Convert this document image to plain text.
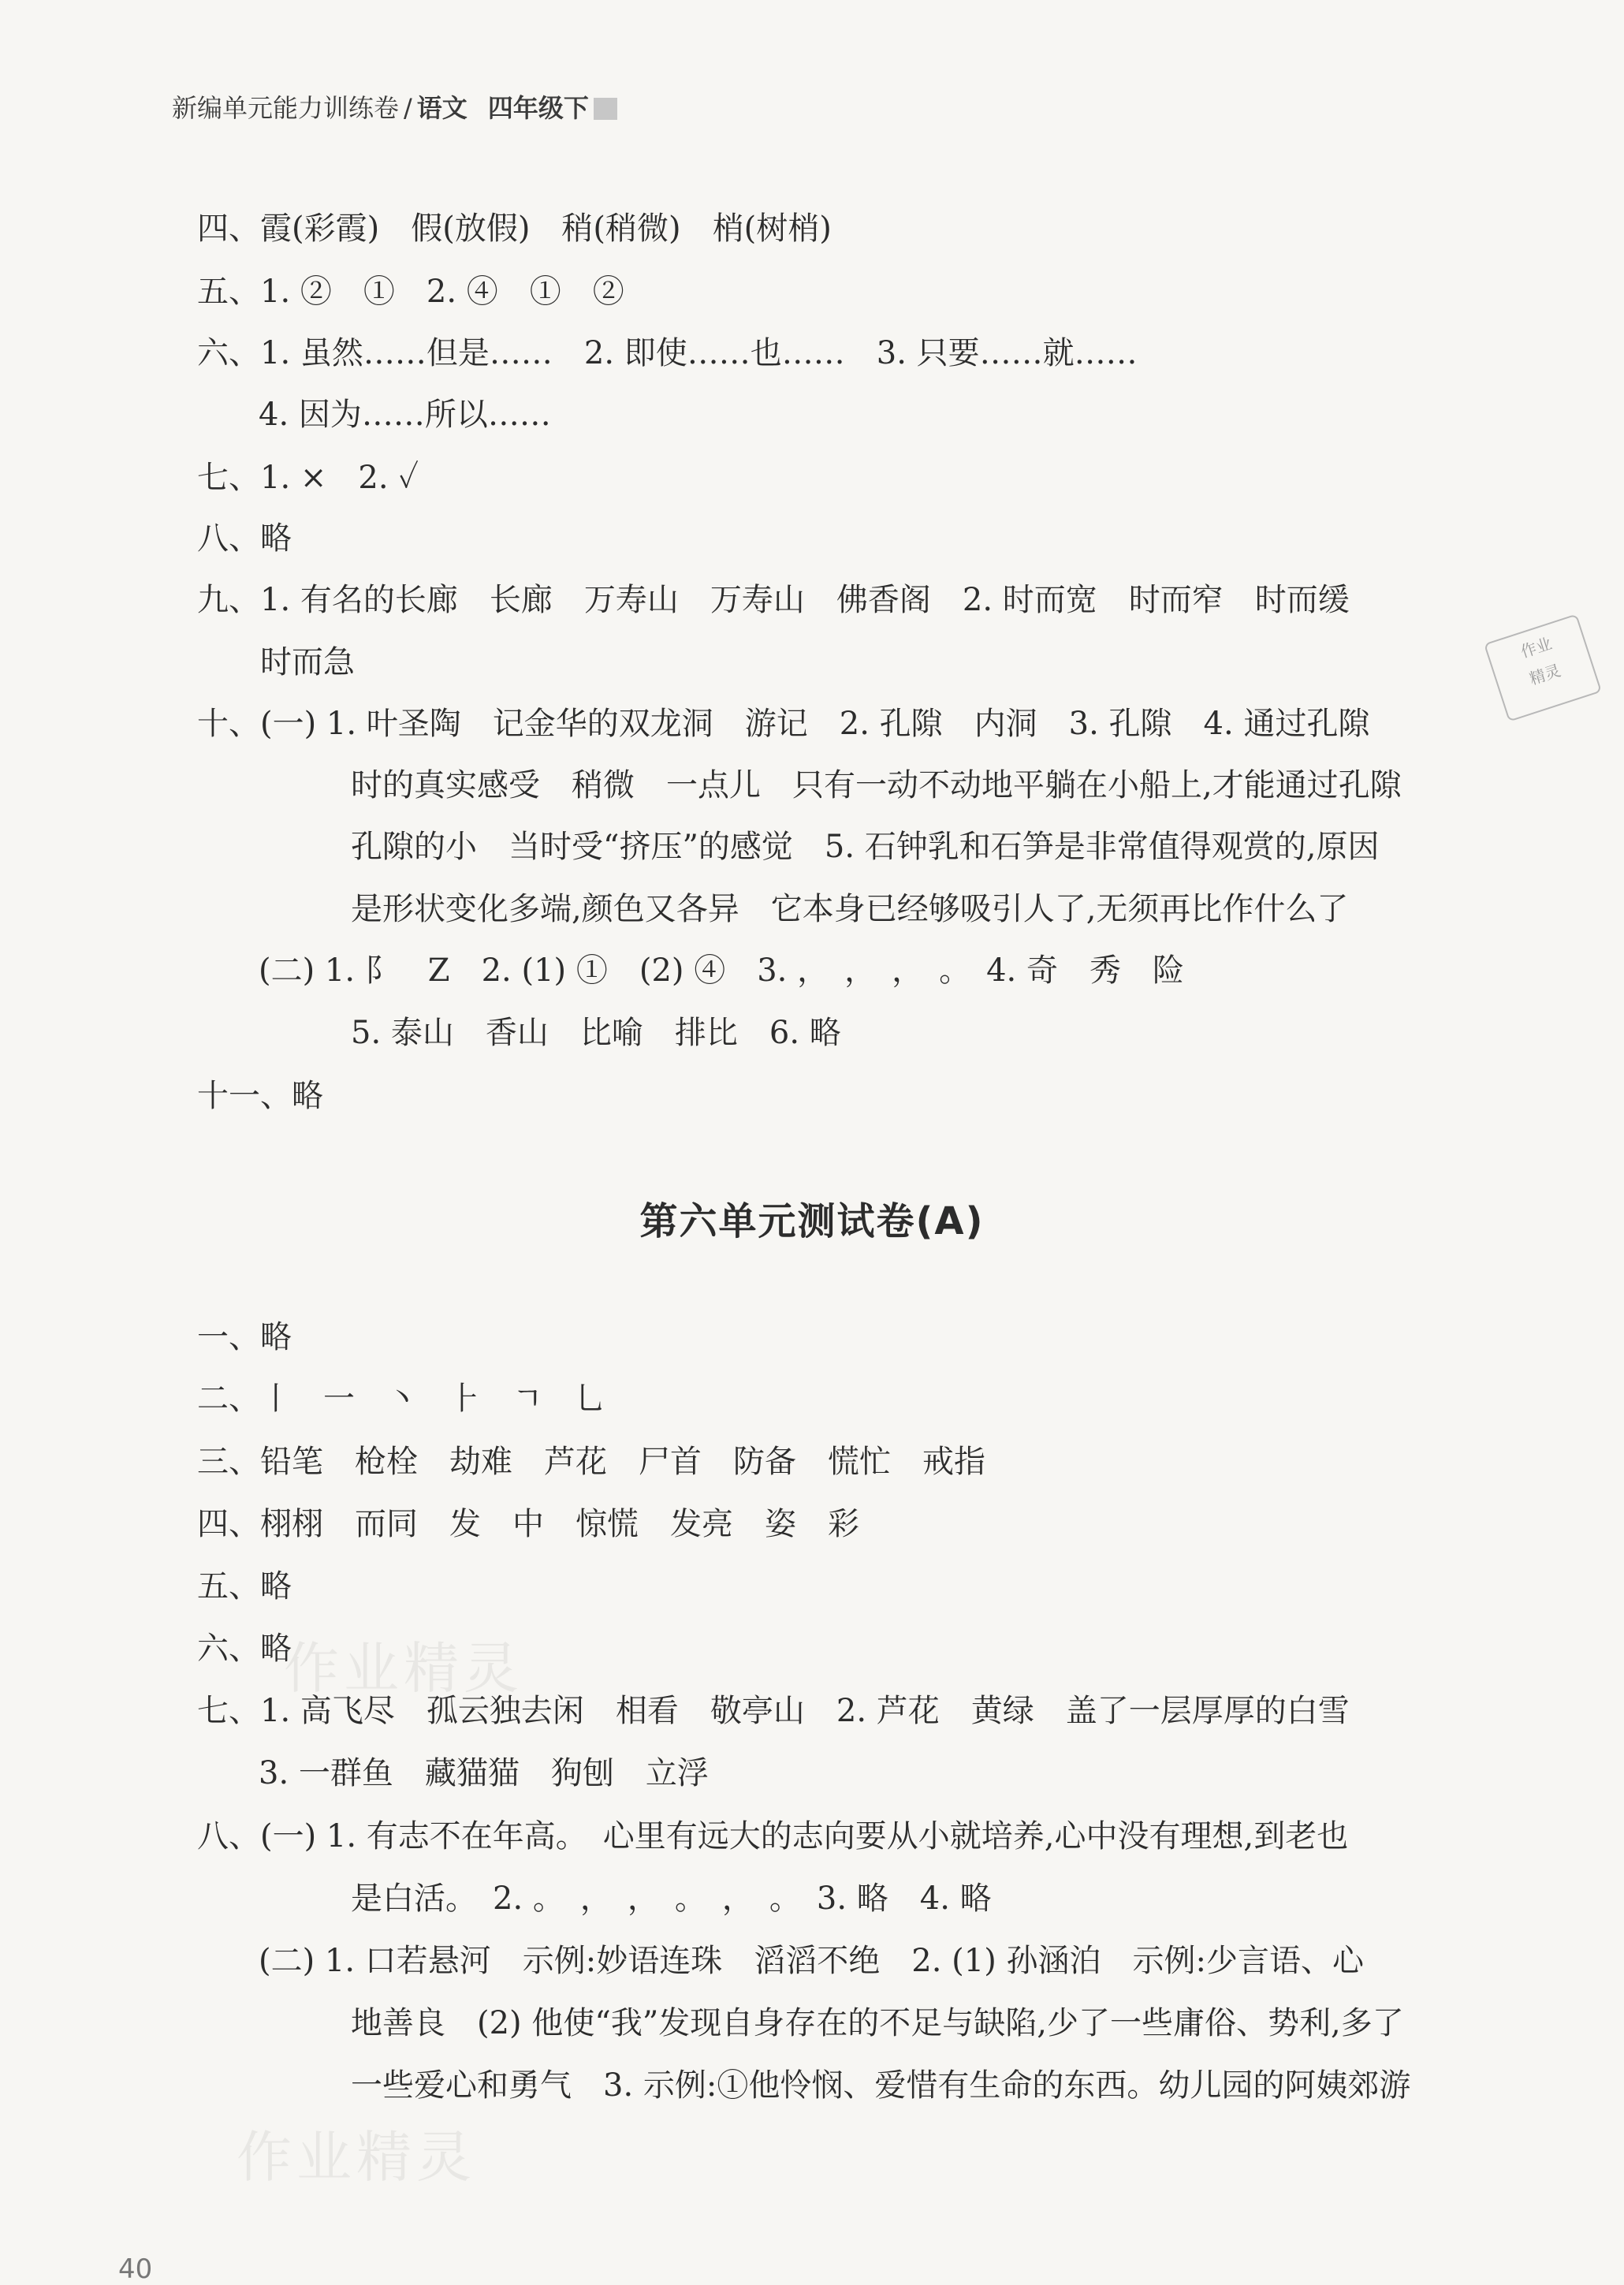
新编单元能力训练卷 / 语文 四年级下
四、霞(彩霞)　假(放假)　稍(稍微)　梢(树梢)
五、1. ②　①　2. ④　①　②
六、1. 虽然……但是……　2. 即使……也……　3. 只要……就……
4. 因为……所以……
七、1. ×　2. ✓
八、略
九、1. 有名的长廊　长廊　万寿山　万寿山　佛香阁　2. 时而宽　时而窄　时而缓
时而急
十、(一) 1. 叶圣陶　记金华的双龙洞　游记　2. 孔隙　内洞　3. 孔隙　4. 通过孔隙
时的真实感受　稍微　一点儿　只有一动不动地平躺在小船上,才能通过孔隙
孔隙的小　当时受“挤压”的感觉　5. 石钟乳和石笋是非常值得观赏的,原因
是形状变化多端,颜色又各异　它本身已经够吸引人了,无须再比作什么了
(二) 1. 阝　Z　2. (1) ①　(2) ④　3. ，　，　，　。　4. 奇　秀　险
5. 泰山　香山　比喻　排比　6. 略
十一、略
第六单元测试卷(A)
一、略
二、丨　一　丶　⺊　ㄱ　乚
三、铅笔　枪栓　劫难　芦花　尸首　防备　慌忙　戒指
四、栩栩　而同　发　中　惊慌　发亮　姿　彩
五、略
六、略
七、1. 高飞尽　孤云独去闲　相看　敬亭山　2. 芦花　黄绿　盖了一层厚厚的白雪
3. 一群鱼　藏猫猫　狗刨　立浮
八、(一) 1. 有志不在年高。　心里有远大的志向要从小就培养,心中没有理想,到老也
是白活。　2. 。　，　，　。　，　。　3. 略　4. 略
(二) 1. 口若悬河　示例:妙语连珠　滔滔不绝　2. (1) 孙涵泊　示例:少言语、心
地善良　(2) 他使“我”发现自身存在的不足与缺陷,少了一些庸俗、势利,多了
一些爱心和勇气　3. 示例:①他怜悯、爱惜有生命的东西。幼儿园的阿姨郊游
作业
精灵
作业精灵
作业精灵
40
